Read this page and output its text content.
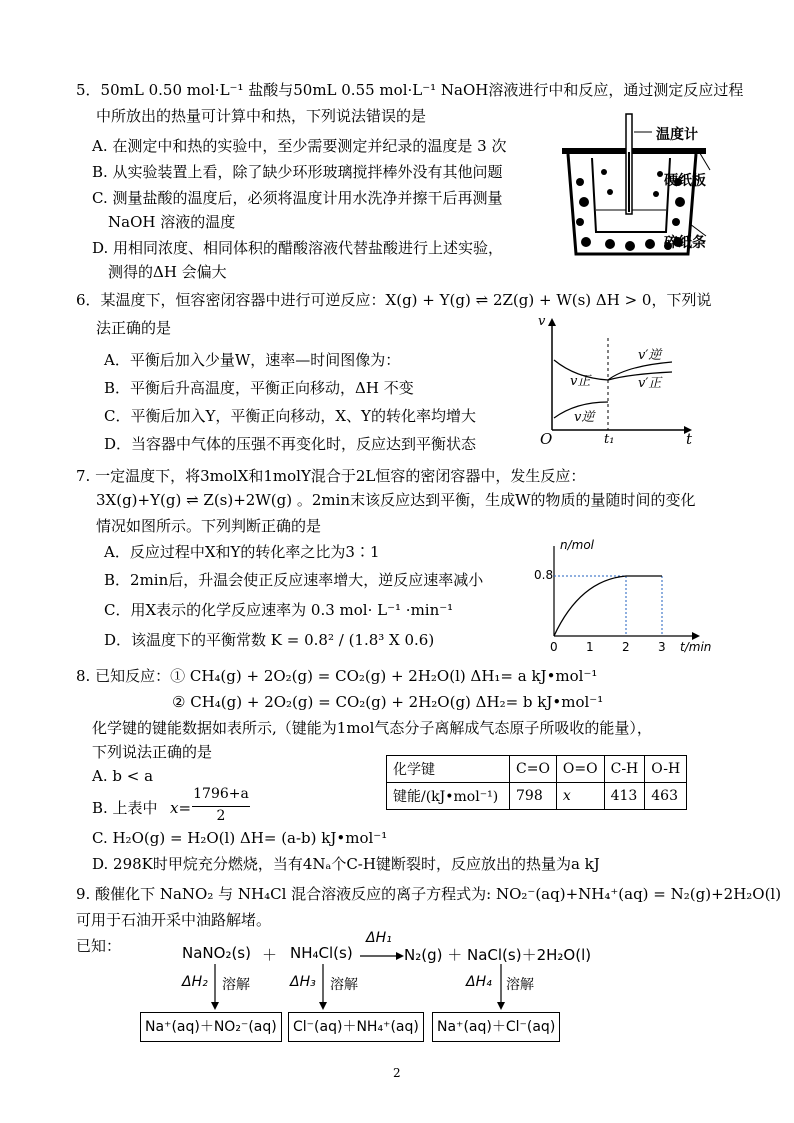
5．50mL 0.50 mol·L⁻¹ 盐酸与50mL 0.55 mol·L⁻¹ NaOH溶液进行中和反应，通过测定反应过程
中所放出的热量可计算中和热，下列说法错误的是
A. 在测定中和热的实验中，至少需要测定并纪录的温度是 3 次
B. 从实验装置上看，除了缺少环形玻璃搅拌棒外没有其他问题
C. 测量盐酸的温度后，必须将温度计用水洗净并擦干后再测量
NaOH 溶液的温度
D. 用相同浓度、相同体积的醋酸溶液代替盐酸进行上述实验，
测得的ΔH 会偏大
温度计
硬纸板
碎纸条
6．某温度下，恒容密闭容器中进行可逆反应：X(g) + Y(g) ⇌ 2Z(g) + W(s) ΔH > 0，下列说
法正确的是
A．平衡后加入少量W，速率—时间图像为：
B．平衡后升高温度，平衡正向移动，ΔH 不变
C．平衡后加入Y，平衡正向移动，X、Y的转化率均增大
D．当容器中气体的压强不再变化时，反应达到平衡状态
v
O	t
t₁
v正
v逆
v′逆
v′正
7. 一定温度下，将3molX和1molY混合于2L恒容的密闭容器中，发生反应：
3X(g)+Y(g) ⇌ Z(s)+2W(g) 。2min末该反应达到平衡，生成W的物质的量随时间的变化
情况如图所示。下列判断正确的是
A．反应过程中X和Y的转化率之比为3∶1
B．2min后，升温会使正反应速率增大，逆反应速率减小
C．用X表示的化学反应速率为 0.3 mol· L⁻¹ ·min⁻¹
D．该温度下的平衡常数 K = 0.8² / (1.8³ X 0.6)
n/mol
0.8
0 1 2 3 t/min
8. 已知反应：① CH₄(g) + 2O₂(g) = CO₂(g) + 2H₂O(l) ΔH₁= a kJ•mol⁻¹
② CH₄(g) + 2O₂(g) = CO₂(g) + 2H₂O(g) ΔH₂= b kJ•mol⁻¹
化学键的键能数据如表所示,（键能为1mol气态分子离解成气态原子所吸收的能量），
下列说法正确的是
A. b < a
B. 上表中 x=
1796+a
2
C. H₂O(g) = H₂O(l) ΔH= (a-b) kJ•mol⁻¹
D. 298K时甲烷充分燃烧，当有4Nₐ个C-H键断裂时，反应放出的热量为a kJ
化学键	C=O	O=O	C-H	O-H
键能/(kJ•mol⁻¹)	798	x	413	463
9. 酸催化下 NaNO₂ 与 NH₄Cl 混合溶液反应的离子方程式为: NO₂⁻(aq)+NH₄⁺(aq) = N₂(g)+2H₂O(l)
可用于石油开采中油路解堵。
已知：	NaNO₂(s) ＋ NH₄Cl(s)
ΔH₁
→ N₂(g) ＋ NaCl(s)＋2H₂O(l)
ΔH₂ 溶解	ΔH₃ 溶解	ΔH₄ 溶解
Na⁺(aq)＋NO₂⁻(aq)	Cl⁻(aq)＋NH₄⁺(aq)	Na⁺(aq)＋Cl⁻(aq)
2
